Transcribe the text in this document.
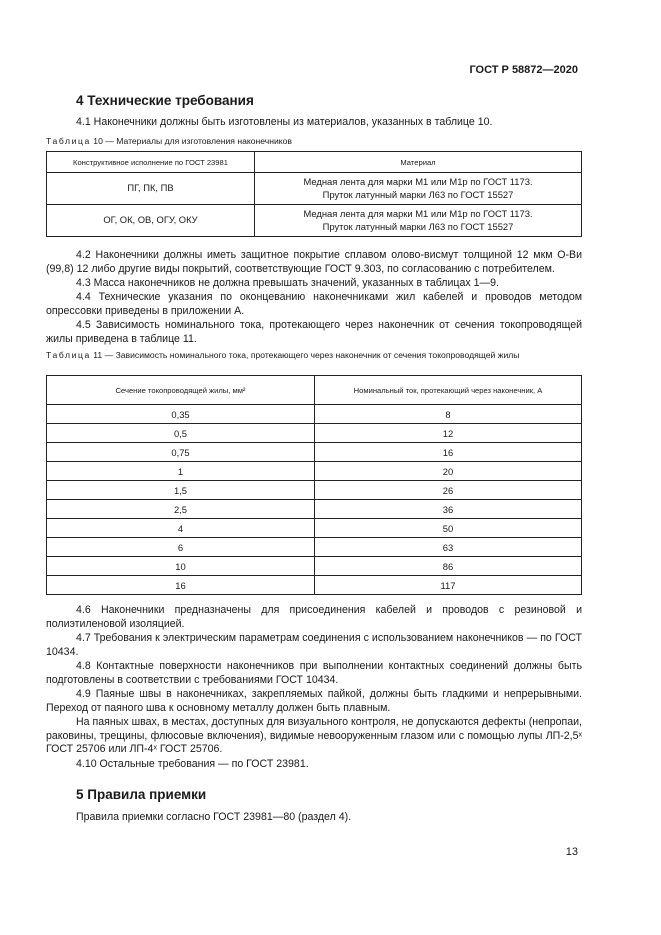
ГОСТ Р 58872—2020
4 Технические требования
4.1 Наконечники должны быть изготовлены из материалов, указанных в таблице 10.
Таблица 10 — Материалы для изготовления наконечников
Конструктивное исполнение по ГОСТ 23981	Материал
ПГ, ПК, ПВ	Медная лента для марки М1 или М1р по ГОСТ 1173.
Пруток латунный марки Л63 по ГОСТ 15527
ОГ, ОК, ОВ, ОГУ, ОКУ	Медная лента для марки М1 или М1р по ГОСТ 1173.
Пруток латунный марки Л63 по ГОСТ 15527
4.2 Наконечники должны иметь защитное покрытие сплавом олово-висмут толщиной 12 мкм О-Ви (99,8) 12 либо другие виды покрытий, соответствующие ГОСТ 9.303, по согласованию с потребителем.
4.3 Масса наконечников не должна превышать значений, указанных в таблицах 1—9.
4.4 Технические указания по оконцеванию наконечниками жил кабелей и проводов методом опрессовки приведены в приложении А.
4.5 Зависимость номинального тока, протекающего через наконечник от сечения токопроводящей жилы приведена в таблице 11.
Таблица 11 — Зависимость номинального тока, протекающего через наконечник от сечения токопроводящей жилы
Сечение токопроводящей жилы, мм²	Номинальный ток, протекающий через наконечник, А
0,35	8
0,5	12
0,75	16
1	20
1,5	26
2,5	36
4	50
6	63
10	86
16	117
4.6 Наконечники предназначены для присоединения кабелей и проводов с резиновой и полиэтиленовой изоляцией.
4.7 Требования к электрическим параметрам соединения с использованием наконечников — по ГОСТ 10434.
4.8 Контактные поверхности наконечников при выполнении контактных соединений должны быть подготовлены в соответствии с требованиями ГОСТ 10434.
4.9 Паяные швы в наконечниках, закрепляемых пайкой, должны быть гладкими и непрерывными. Переход от паяного шва к основному металлу должен быть плавным.
На паяных швах, в местах, доступных для визуального контроля, не допускаются дефекты (непропаи, раковины, трещины, флюсовые включения), видимые невооруженным глазом или с помощью лупы ЛП-2,5ˣ ГОСТ 25706 или ЛП-4ˣ ГОСТ 25706.
4.10 Остальные требования — по ГОСТ 23981.
5 Правила приемки
Правила приемки согласно ГОСТ 23981—80 (раздел 4).
13
